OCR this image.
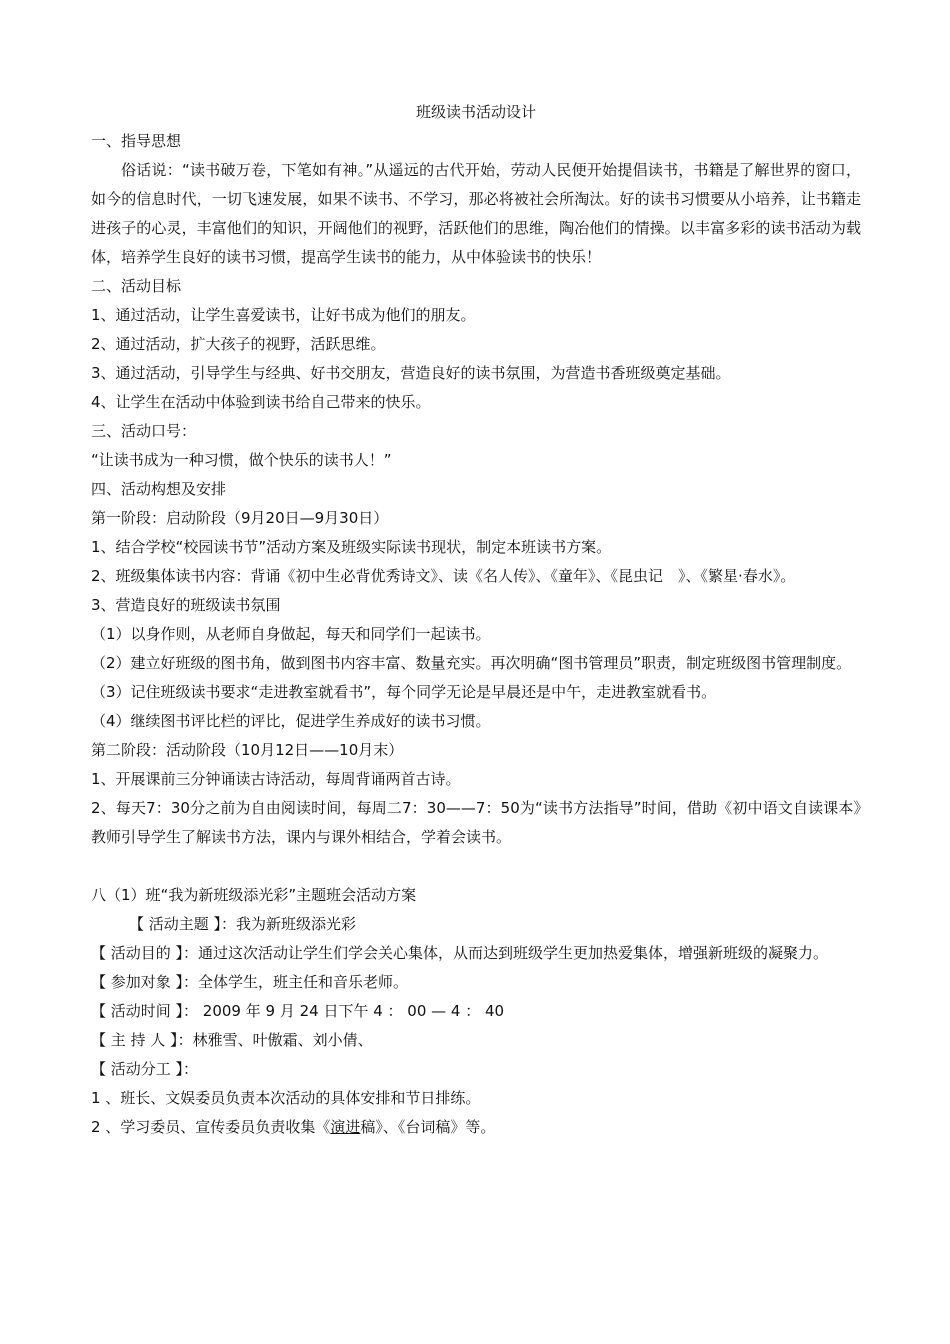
班级读书活动设计

一、指导思想

俗话说：“读书破万卷，下笔如有神。”从遥远的古代开始，劳动人民便开始提倡读书，书籍是了解世界的窗口，如今的信息时代，一切飞速发展，如果不读书、不学习，那必将被社会所淘汰。好的读书习惯要从小培养，让书籍走进孩子的心灵，丰富他们的知识，开阔他们的视野，活跃他们的思维，陶冶他们的情操。以丰富多彩的读书活动为载体，培养学生良好的读书习惯，提高学生读书的能力，从中体验读书的快乐！

二、活动目标

1、通过活动，让学生喜爱读书，让好书成为他们的朋友。

2、通过活动，扩大孩子的视野，活跃思维。

3、通过活动，引导学生与经典、好书交朋友，营造良好的读书氛围，为营造书香班级奠定基础。

4、让学生在活动中体验到读书给自己带来的快乐。

三、活动口号：

“让读书成为一种习惯，做个快乐的读书人！”

四、活动构想及安排

第一阶段：启动阶段（9月20日—9月30日）

1、结合学校“校园读书节”活动方案及班级实际读书现状，制定本班读书方案。

2、班级集体读书内容：背诵《初中生必背优秀诗文》、读《名人传》、《童年》、《昆虫记　》、《繁星·春水》。

3、营造良好的班级读书氛围

（1）以身作则，从老师自身做起，每天和同学们一起读书。

（2）建立好班级的图书角，做到图书内容丰富、数量充实。再次明确“图书管理员”职责，制定班级图书管理制度。

（3）记住班级读书要求“走进教室就看书”，每个同学无论是早晨还是中午，走进教室就看书。

（4）继续图书评比栏的评比，促进学生养成好的读书习惯。

第二阶段：活动阶段（10月12日——10月末）

1、开展课前三分钟诵读古诗活动，每周背诵两首古诗。

2、每天7：30分之前为自由阅读时间，每周二7：30——7：50为“读书方法指导”时间，借助《初中语文自读课本》教师引导学生了解读书方法，课内与课外相结合，学着会读书。

八（1）班“我为新班级添光彩”主题班会活动方案

【 活动主题 】：我为新班级添光彩

【 活动目的 】：通过这次活动让学生们学会关心集体，从而达到班级学生更加热爱集体，增强新班级的凝聚力。

【 参加对象 】：全体学生，班主任和音乐老师。

【 活动时间 】： 2009 年 9 月 24 日下午 4 ： 00 — 4 ： 40

【 主 持 人 】：林雅雪、叶傲霜、刘小倩、

【 活动分工 】：

1 、班长、文娱委员负责本次活动的具体安排和节日排练。

2 、学习委员、宣传委员负责收集《演进稿》、《台词稿》等。
